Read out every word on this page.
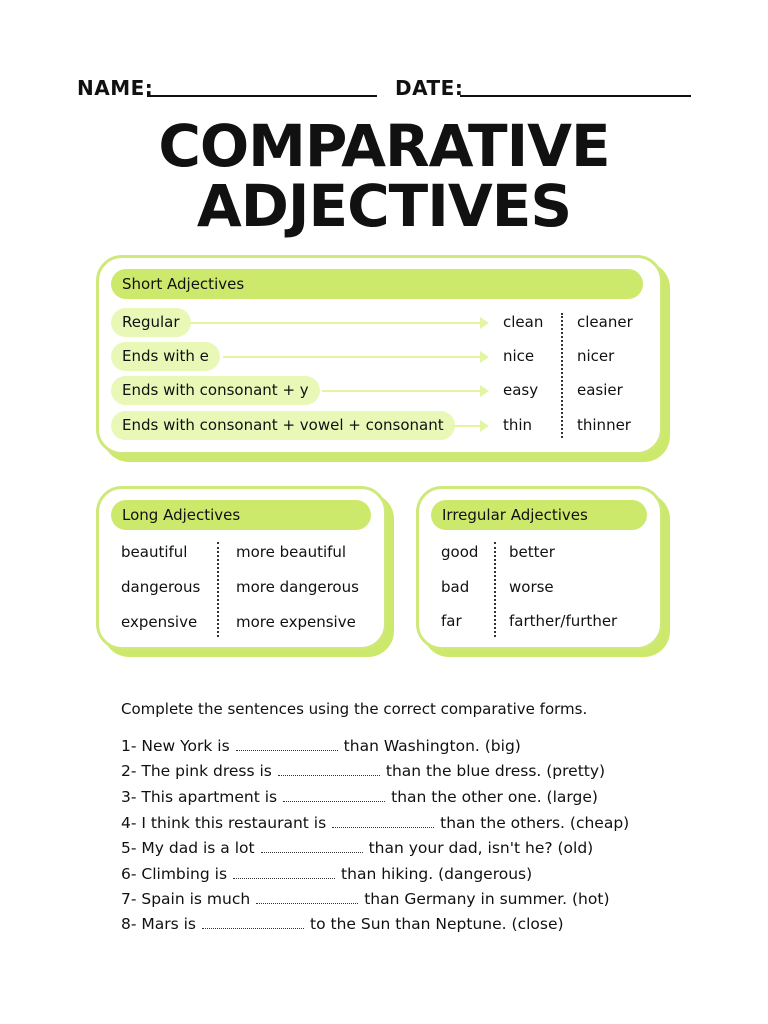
NAME:	DATE:
COMPARATIVE
ADJECTIVES
Short Adjectives
Regular	clean cleaner
Ends with e	nice	nicer
Ends with consonant + y	easy	easier
Ends with consonant + vowel + consonant	thin	thinner
Long Adjectives
beautiful	more beautiful
dangerous more dangerous
expensive	more expensive
Irregular Adjectives
good better
bad	worse
far	farther/further
Complete the sentences using the correct comparative forms.
1- New York is	than Washington. (big)
2- The pink dress is	than the blue dress. (pretty)
3- This apartment is	than the other one. (large)
4- I think this restaurant is	than the others. (cheap)
5- My dad is a lot	than your dad, isn't he? (old)
6- Climbing is	than hiking. (dangerous)
7- Spain is much	than Germany in summer. (hot)
8- Mars is	to the Sun than Neptune. (close)
